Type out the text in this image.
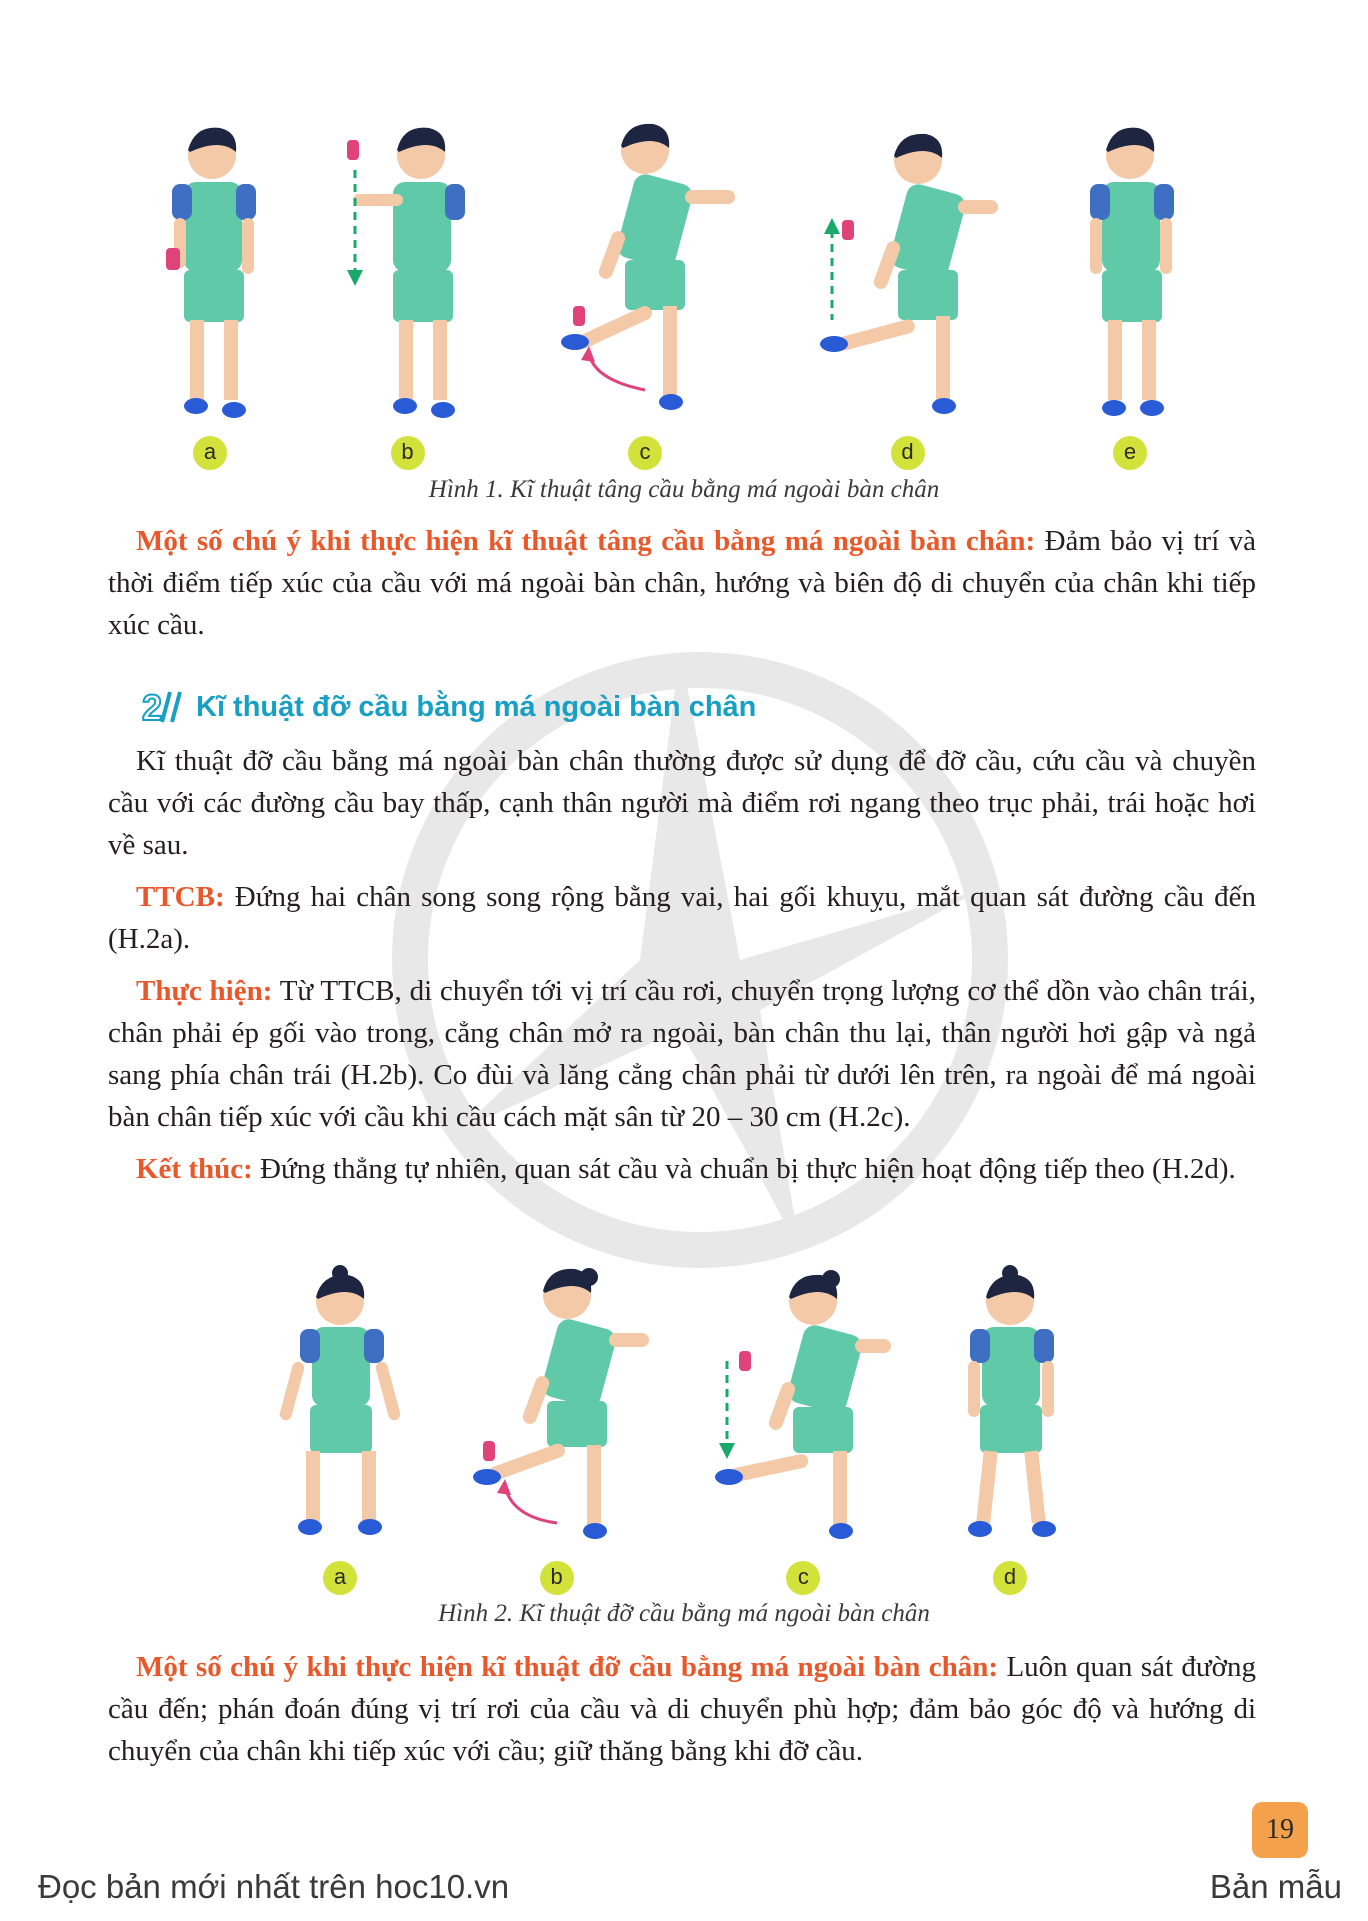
a	b	c	d	e
Hình 1. Kĩ thuật tâng cầu bằng má ngoài bàn chân
Một số chú ý khi thực hiện kĩ thuật tâng cầu bằng má ngoài bàn chân: Đảm bảo vị trí và thời điểm tiếp xúc của cầu với má ngoài bàn chân, hướng và biên độ di chuyển của chân khi tiếp xúc cầu.
2 Kĩ thuật đỡ cầu bằng má ngoài bàn chân
Kĩ thuật đỡ cầu bằng má ngoài bàn chân thường được sử dụng để đỡ cầu, cứu cầu và chuyền cầu với các đường cầu bay thấp, cạnh thân người mà điểm rơi ngang theo trục phải, trái hoặc hơi về sau.
TTCB: Đứng hai chân song song rộng bằng vai, hai gối khuỵu, mắt quan sát đường cầu đến (H.2a).
Thực hiện: Từ TTCB, di chuyển tới vị trí cầu rơi, chuyển trọng lượng cơ thể dồn vào chân trái, chân phải ép gối vào trong, cẳng chân mở ra ngoài, bàn chân thu lại, thân người hơi gập và ngả sang phía chân trái (H.2b). Co đùi và lăng cẳng chân phải từ dưới lên trên, ra ngoài để má ngoài bàn chân tiếp xúc với cầu khi cầu cách mặt sân từ 20 – 30 cm (H.2c).
Kết thúc: Đứng thẳng tự nhiên, quan sát cầu và chuẩn bị thực hiện hoạt động tiếp theo (H.2d).
a	b	c	d
Hình 2. Kĩ thuật đỡ cầu bằng má ngoài bàn chân
Một số chú ý khi thực hiện kĩ thuật đỡ cầu bằng má ngoài bàn chân: Luôn quan sát đường cầu đến; phán đoán đúng vị trí rơi của cầu và di chuyển phù hợp; đảm bảo góc độ và hướng di chuyển của chân khi tiếp xúc với cầu; giữ thăng bằng khi đỡ cầu.
19
Đọc bản mới nhất trên hoc10.vn	Bản mẫu
